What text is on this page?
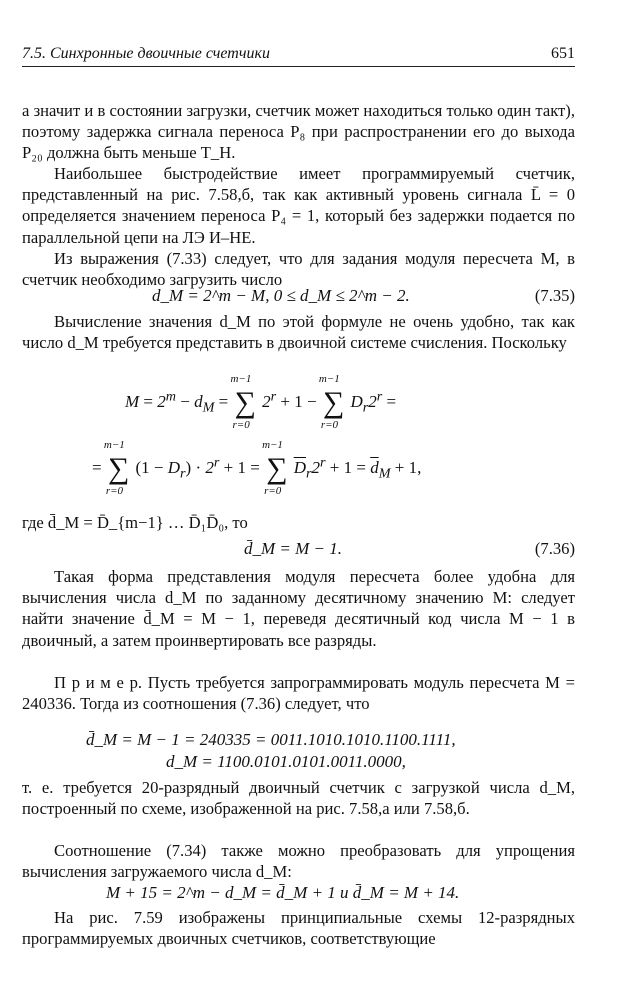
7.5. Синхронные двоичные счетчики	651

а значит и в состоянии загрузки, счетчик может находиться только один такт), поэтому задержка сигнала переноса P₈ при распространении его до выхода P₂₀ должна быть меньше T_H.

Наибольшее быстродействие имеет программируемый счетчик, представленный на рис. 7.58,б, так как активный уровень сигнала L̄ = 0 определяется значением переноса P₄ = 1, который без задержки подается по параллельной цепи на ЛЭ И–НЕ.

Из выражения (7.33) следует, что для задания модуля пересчета M, в счетчик необходимо загрузить число

d_M = 2^m − M, 0 ≤ d_M ≤ 2^m − 2.	(7.35)

Вычисление значения d_M по этой формуле не очень удобно, так как число d_M требуется представить в двоичной системе счисления. Поскольку

$M = 2^m - d_M$ = ∑
m−1
r=0
$2^r + 1$ − ∑
m−1
r=0
$D_r2^r$ =
= ∑
m−1
r=0
$(1 - D_r) \cdot 2^r + 1$ = ∑
m−1
r=0
$\overline{D}_r2^r + 1 = \overline{d}_M + 1$,
где d̄_M = D̄_{m−1} … D̄₁D̄₀, то
d̄_M = M − 1.	(7.36)

Такая форма представления модуля пересчета более удобна для вычисления числа d_M по заданному десятичному значению M: следует найти значение d̄_M = M − 1, переведя десятичный код числа M − 1 в двоичный, а затем проинвертировать все разряды.

П р и м е р. Пусть требуется запрограммировать модуль пересчета M = 240336. Тогда из соотношения (7.36) следует, что

d̄_M = M − 1 = 240335 = 0011.1010.1010.1100.1111,
d_M = 1100.0101.0101.0011.0000,

т. е. требуется 20-разрядный двоичный счетчик с загрузкой числа d_M, построенный по схеме, изображенной на рис. 7.58,а или 7.58,б.

Соотношение (7.34) также можно преобразовать для упрощения вычисления загружаемого числа d_M:

M + 15 = 2^m − d_M = d̄_M + 1 и d̄_M = M + 14.

На рис. 7.59 изображены принципиальные схемы 12-разрядных программируемых двоичных счетчиков, соответствующие
